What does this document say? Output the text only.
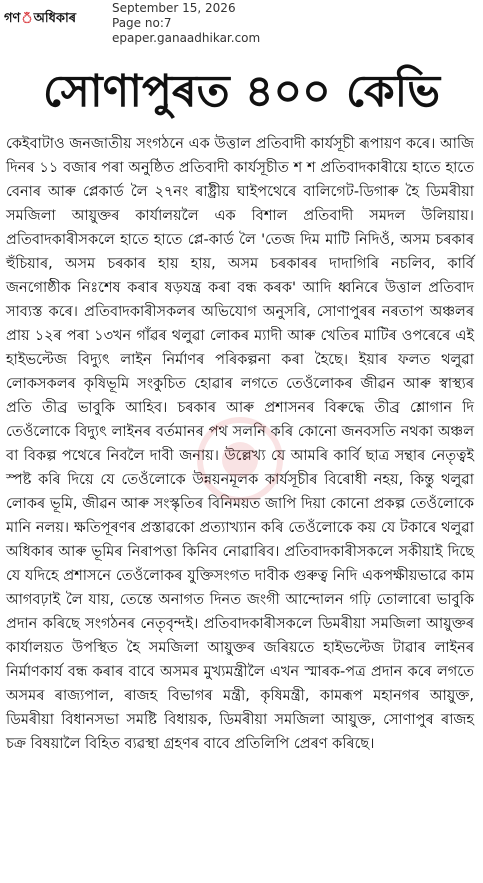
গণঁঅধিকাৰ
September 15, 2026
Page no:7
epaper.ganaadhikar.com
সোণাপুৰত ৪০০ কেভি

কেইবাটাও জনজাতীয় সংগঠনে এক উত্তাল প্ৰতিবাদী কাৰ্যসূচী ৰূপায়ণ কৰে। আজি দিনৰ ১১ বজাৰ পৰা অনুষ্ঠিত প্ৰতিবাদী কাৰ্যসূচীত শ শ প্ৰতিবাদকাৰীয়ে হাতে হাতে বেনাৰ আৰু প্লেকাৰ্ড লৈ ২৭নং ৰাষ্ট্ৰীয় ঘাইপথেৰে বালিগেট-ডিগাৰু হৈ ডিমৰীয়া সমজিলা আয়ুক্তৰ কাৰ্যালয়লৈ এক বিশাল প্ৰতিবাদী সমদল উলিয়ায়। প্ৰতিবাদকাৰীসকলে হাতে হাতে প্লে-কাৰ্ড লৈ 'তেজ দিম মাটি নিদিওঁ, অসম চৰকাৰ হুঁচিয়াৰ, অসম চৰকাৰ হায় হায়, অসম চৰকাৰৰ দাদাগিৰি নচলিব, কাৰ্বি জনগোষ্ঠীক নিঃশেষ কৰাৰ ষড়যন্ত্ৰ কৰা বন্ধ কৰক' আদি ধ্বনিৰে উত্তাল প্ৰতিবাদ সাব্যস্ত কৰে। প্ৰতিবাদকাৰীসকলৰ অভিযোগ অনুসৰি, সোণাপুৰৰ নৰতাপ অঞ্চলৰ প্ৰায় ১২ৰ পৰা ১৩খন গাঁৱৰ থলুৱা লোকৰ ম্যাদী আৰু খেতিৰ মাটিৰ ওপৰেৰে এই হাইভল্টেজ বিদ্যুৎ লাইন নিৰ্মাণৰ পৰিকল্পনা কৰা হৈছে। ইয়াৰ ফলত থলুৱা লোকসকলৰ কৃষিভূমি সংকুচিত হোৱাৰ লগতে তেওঁলোকৰ জীৱন আৰু স্বাস্থ্যৰ প্ৰতি তীব্ৰ ভাবুকি আহিব। চৰকাৰ আৰু প্ৰশাসনৰ বিৰুদ্ধে তীব্ৰ শ্লোগান দি তেওঁলোকে বিদ্যুৎ লাইনৰ বৰ্তমানৰ পথ সলনি কৰি কোনো জনবসতি নথকা অঞ্চল বা বিকল্প পথেৰে নিবলৈ দাবী জনায়। উল্লেখ্য যে আমৰি কাৰ্বি ছাত্ৰ সন্থাৰ নেতৃত্বই স্পষ্ট কৰি দিয়ে যে তেওঁলোকে উন্নয়নমূলক কাৰ্যসূচীৰ বিৰোধী নহয়, কিন্তু থলুৱা লোকৰ ভূমি, জীৱন আৰু সংস্কৃতিৰ বিনিময়ত জাপি দিয়া কোনো প্ৰকল্প তেওঁলোকে মানি নলয়। ক্ষতিপূৰণৰ প্ৰস্তাৱকো প্ৰত্যাখ্যান কৰি তেওঁলোকে কয় যে টকাৰে থলুৱা অধিকাৰ আৰু ভূমিৰ নিৰাপত্তা কিনিব নোৱাৰিব। প্ৰতিবাদকাৰীসকলে সকীয়াই দিছে যে যদিহে প্ৰশাসনে তেওঁলোকৰ যুক্তিসংগত দাবীক গুৰুত্ব নিদি একপক্ষীয়ভাৱে কাম আগবঢ়াই লৈ যায়, তেন্তে অনাগত দিনত জংগী আন্দোলন গঢ়ি তোলাৰো ভাবুকি প্ৰদান কৰিছে সংগঠনৰ নেতৃবৃন্দই। প্ৰতিবাদকাৰীসকলে ডিমৰীয়া সমজিলা আয়ুক্তৰ কাৰ্যালয়ত উপস্থিত হৈ সমজিলা আয়ুক্তৰ জৰিয়তে হাইভল্টেজ টাৱাৰ লাইনৰ নিৰ্মাণকাৰ্য বন্ধ কৰাৰ বাবে অসমৰ মুখ্যমন্ত্ৰীলৈ এখন স্মাৰক-পত্ৰ প্ৰদান কৰে লগতে অসমৰ ৰাজ্যপাল, ৰাজহ বিভাগৰ মন্ত্ৰী, কৃষিমন্ত্ৰী, কামৰূপ মহানগৰ আয়ুক্ত, ডিমৰীয়া বিধানসভা সমষ্টি বিধায়ক, ডিমৰীয়া সমজিলা আয়ুক্ত, সোণাপুৰ ৰাজহ চক্ৰ বিষয়ালৈ বিহিত ব্যৱস্থা গ্ৰহণৰ বাবে প্ৰতিলিপি প্ৰেৰণ কৰিছে।
